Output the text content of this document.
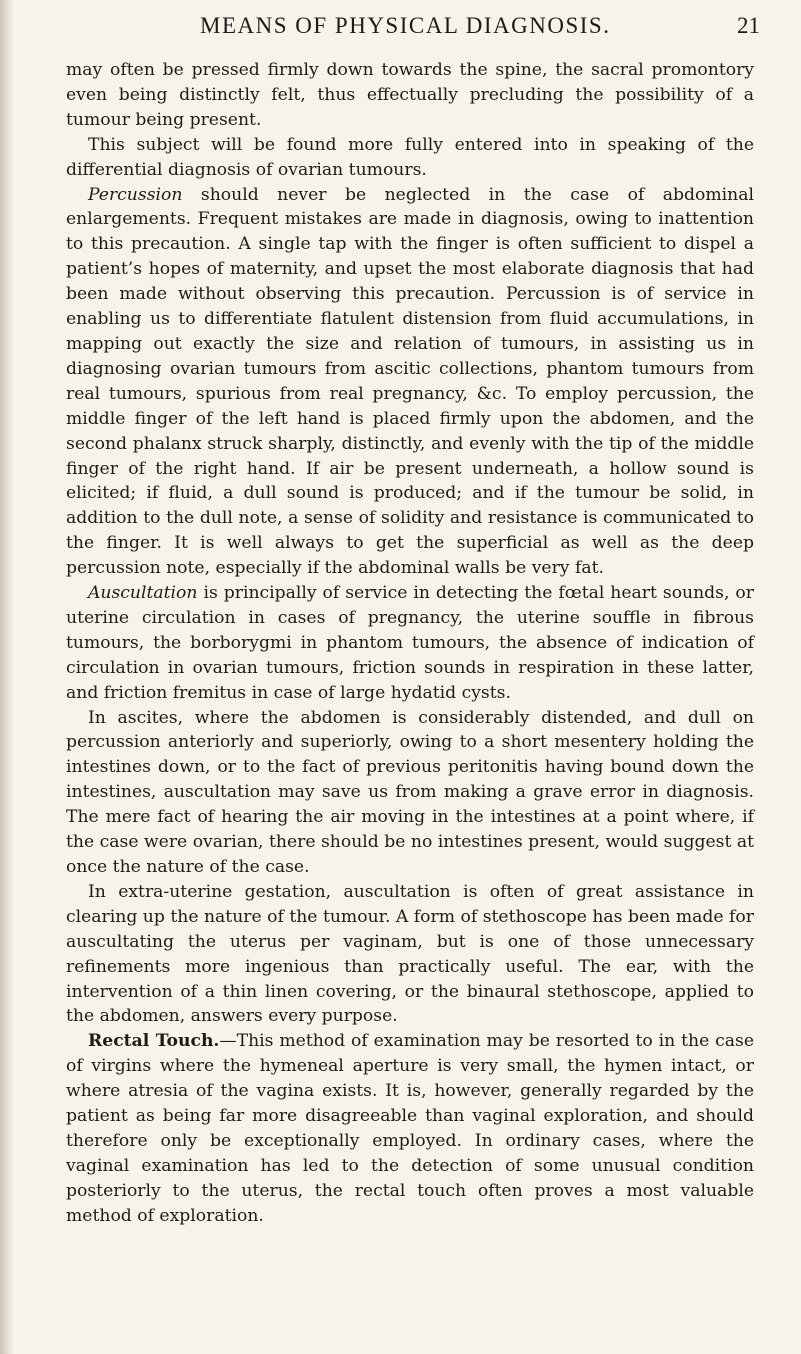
MEANS OF PHYSICAL DIAGNOSIS.	21

may often be pressed firmly down towards the spine, the sacral promontory even being distinctly felt, thus effectually precluding the possibility of a tumour being present.

This subject will be found more fully entered into in speaking of the differential diagnosis of ovarian tumours.

Percussion should never be neglected in the case of abdominal enlargements. Frequent mistakes are made in diagnosis, owing to inattention to this precaution. A single tap with the finger is often sufficient to dispel a patient’s hopes of maternity, and upset the most elaborate diagnosis that had been made without observing this precaution. Percussion is of service in enabling us to differentiate flatulent distension from fluid accumulations, in mapping out exactly the size and relation of tumours, in assisting us in diagnosing ovarian tumours from ascitic collections, phantom tumours from real tumours, spurious from real pregnancy, &c. To employ percussion, the middle finger of the left hand is placed firmly upon the abdomen, and the second phalanx struck sharply, distinctly, and evenly with the tip of the middle finger of the right hand. If air be present underneath, a hollow sound is elicited; if fluid, a dull sound is produced; and if the tumour be solid, in addition to the dull note, a sense of solidity and resistance is communicated to the finger. It is well always to get the superficial as well as the deep percussion note, especially if the abdominal walls be very fat.

Auscultation is principally of service in detecting the fœtal heart sounds, or uterine circulation in cases of pregnancy, the uterine souffle in fibrous tumours, the borborygmi in phantom tumours, the absence of indication of circulation in ovarian tumours, friction sounds in respiration in these latter, and friction fremitus in case of large hydatid cysts.

In ascites, where the abdomen is considerably distended, and dull on percussion anteriorly and superiorly, owing to a short mesentery holding the intestines down, or to the fact of previous peritonitis having bound down the intestines, auscultation may save us from making a grave error in diagnosis. The mere fact of hearing the air moving in the intestines at a point where, if the case were ovarian, there should be no intestines present, would suggest at once the nature of the case.

In extra-uterine gestation, auscultation is often of great assistance in clearing up the nature of the tumour. A form of stethoscope has been made for auscultating the uterus per vaginam, but is one of those unnecessary refinements more ingenious than practically useful. The ear, with the intervention of a thin linen covering, or the binaural stethoscope, applied to the abdomen, answers every purpose.

Rectal Touch.—This method of examination may be resorted to in the case of virgins where the hymeneal aperture is very small, the hymen intact, or where atresia of the vagina exists. It is, however, generally regarded by the patient as being far more disagreeable than vaginal exploration, and should therefore only be exceptionally employed. In ordinary cases, where the vaginal examination has led to the detection of some unusual condition posteriorly to the uterus, the rectal touch often proves a most valuable method of exploration.
